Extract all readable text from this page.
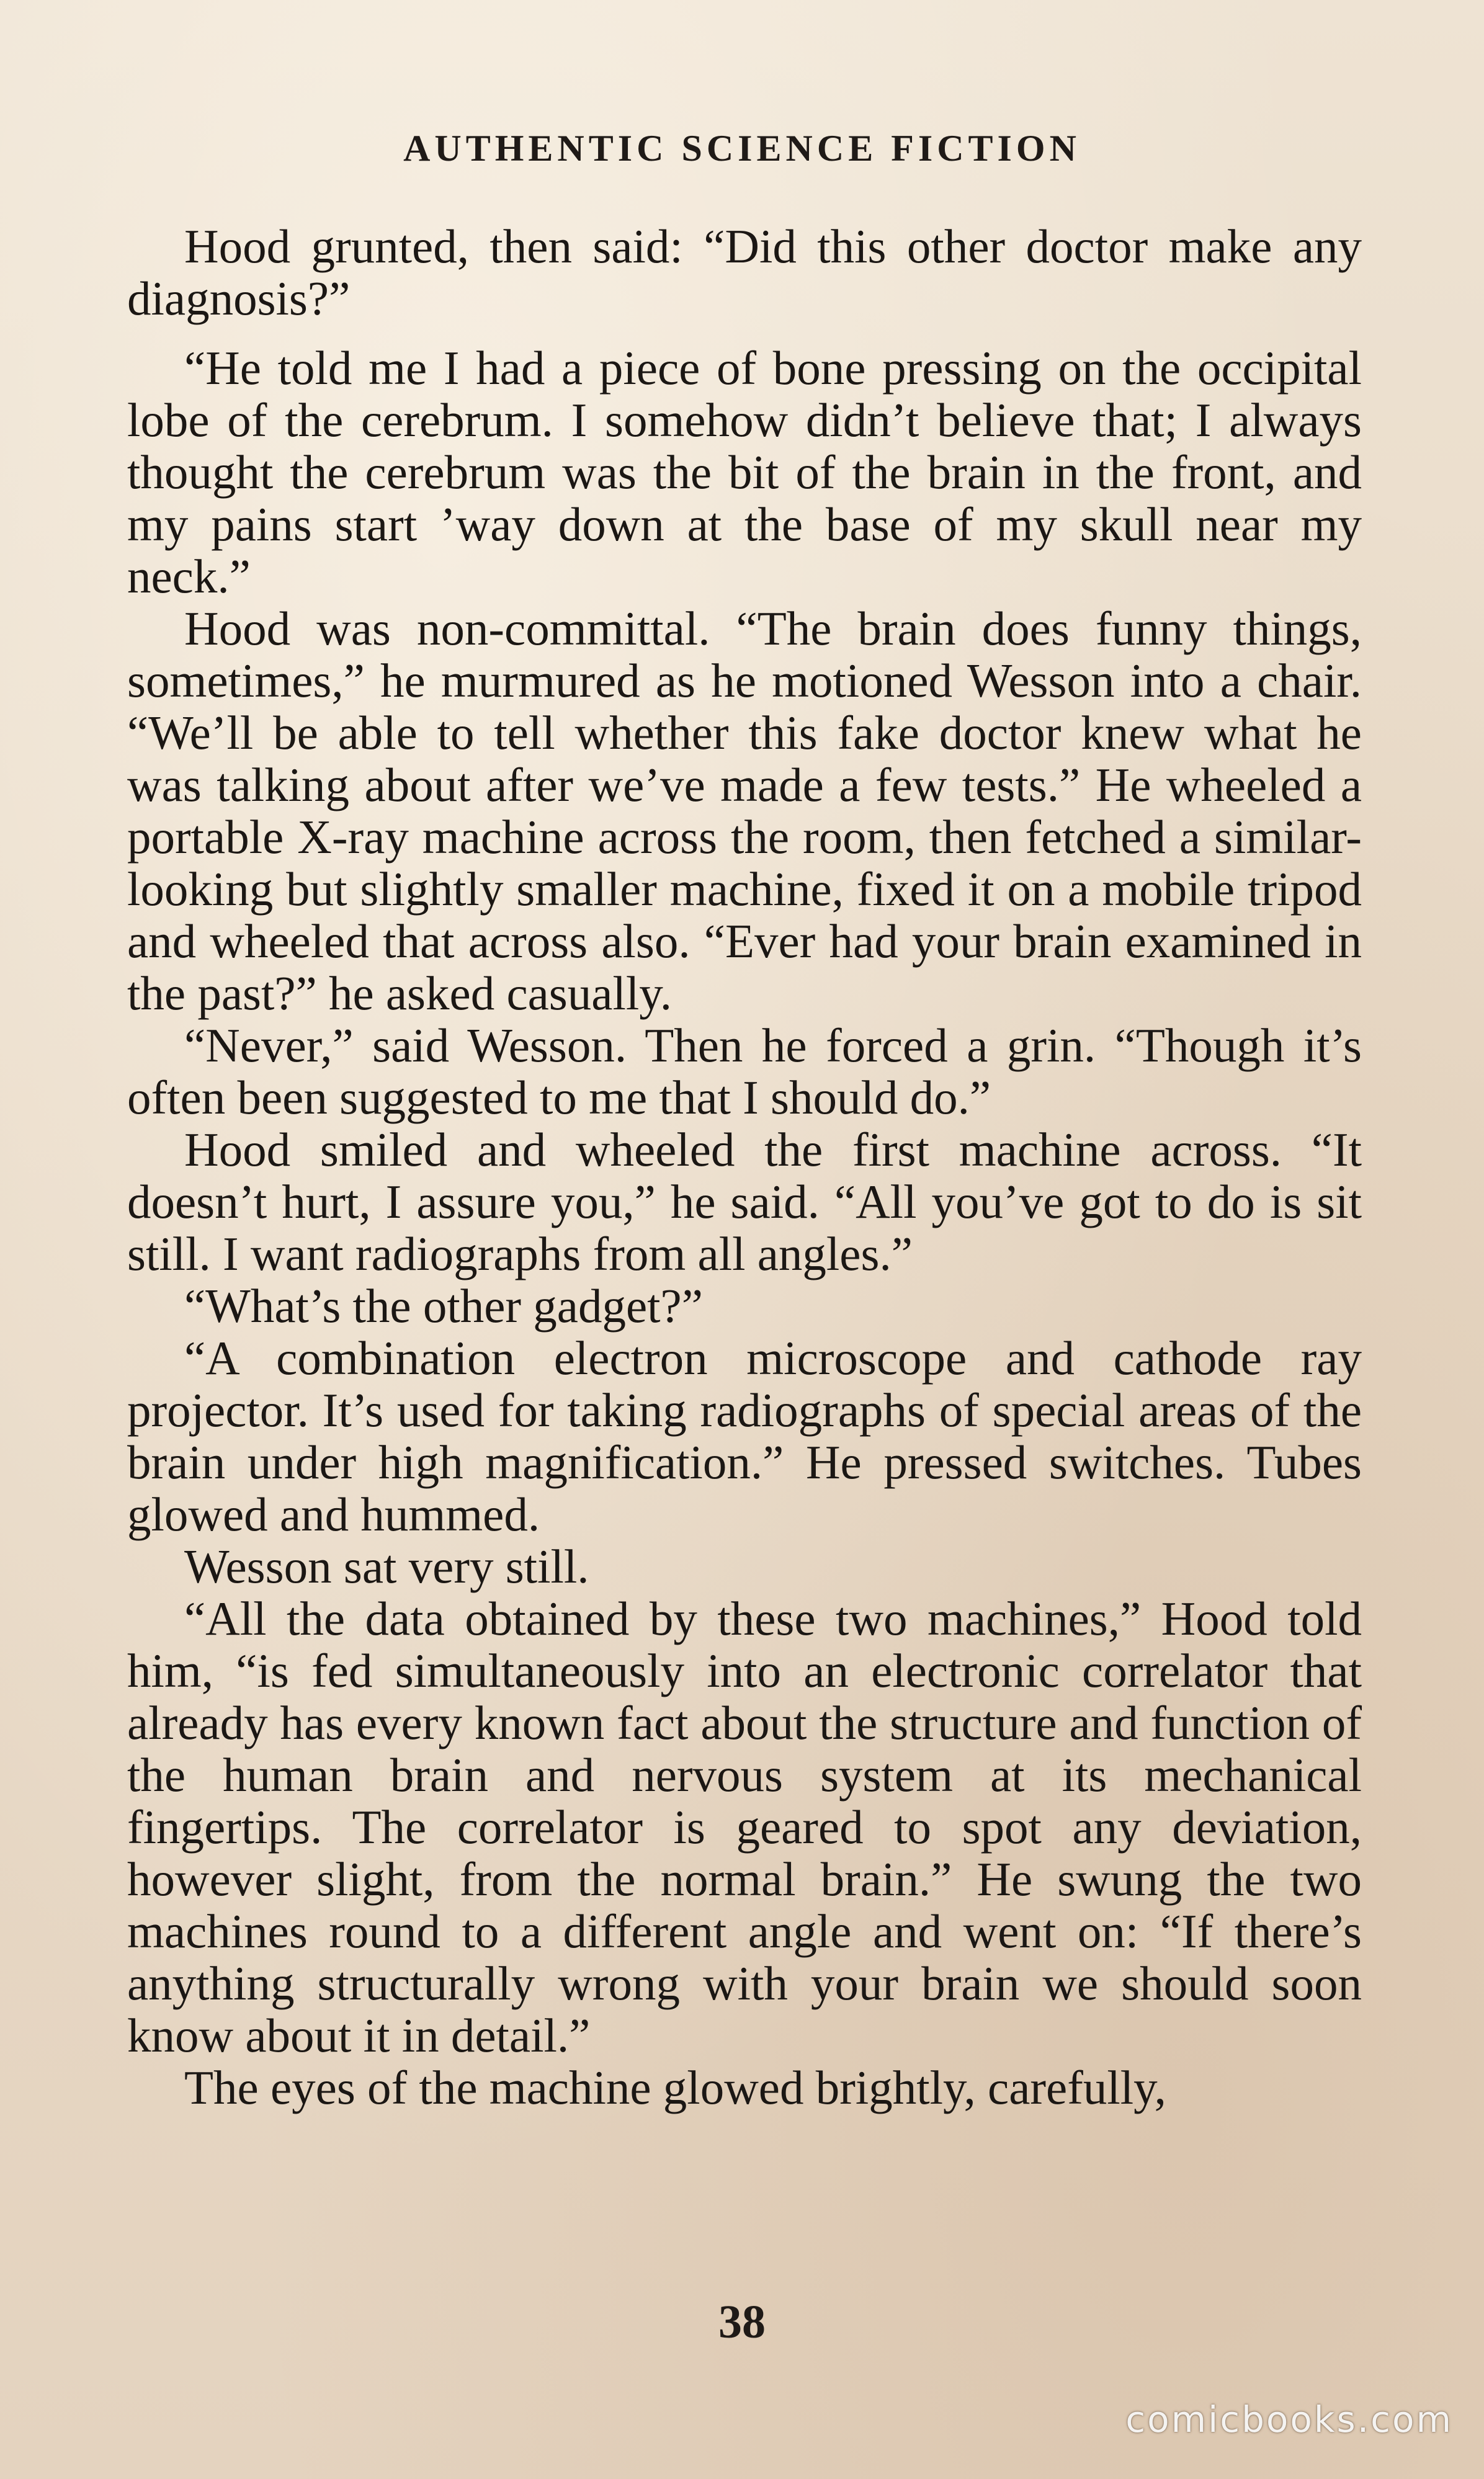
AUTHENTIC SCIENCE FICTION

Hood grunted, then said: “Did this other doctor make any diagnosis?”

“He told me I had a piece of bone pressing on the occipital lobe of the cerebrum. I somehow didn’t believe that; I always thought the cerebrum was the bit of the brain in the front, and my pains start ’way down at the base of my skull near my neck.”

Hood was non-committal. “The brain does funny things, sometimes,” he murmured as he motioned Wesson into a chair. “We’ll be able to tell whether this fake doctor knew what he was talking about after we’ve made a few tests.” He wheeled a portable X-ray machine across the room, then fetched a similar-looking but slightly smaller machine, fixed it on a mobile tripod and wheeled that across also. “Ever had your brain examined in the past?” he asked casually.

“Never,” said Wesson. Then he forced a grin. “Though it’s often been suggested to me that I should do.”

Hood smiled and wheeled the first machine across. “It doesn’t hurt, I assure you,” he said. “All you’ve got to do is sit still. I want radiographs from all angles.”

“What’s the other gadget?”

“A combination electron microscope and cathode ray projector. It’s used for taking radiographs of special areas of the brain under high magnification.” He pressed switches. Tubes glowed and hummed.

Wesson sat very still.

“All the data obtained by these two machines,” Hood told him, “is fed simultaneously into an electronic correlator that already has every known fact about the structure and function of the human brain and nervous system at its mechanical fingertips. The correlator is geared to spot any deviation, however slight, from the normal brain.” He swung the two machines round to a different angle and went on: “If there’s anything structurally wrong with your brain we should soon know about it in detail.”

The eyes of the machine glowed brightly, carefully,

38
comicbooks.com
